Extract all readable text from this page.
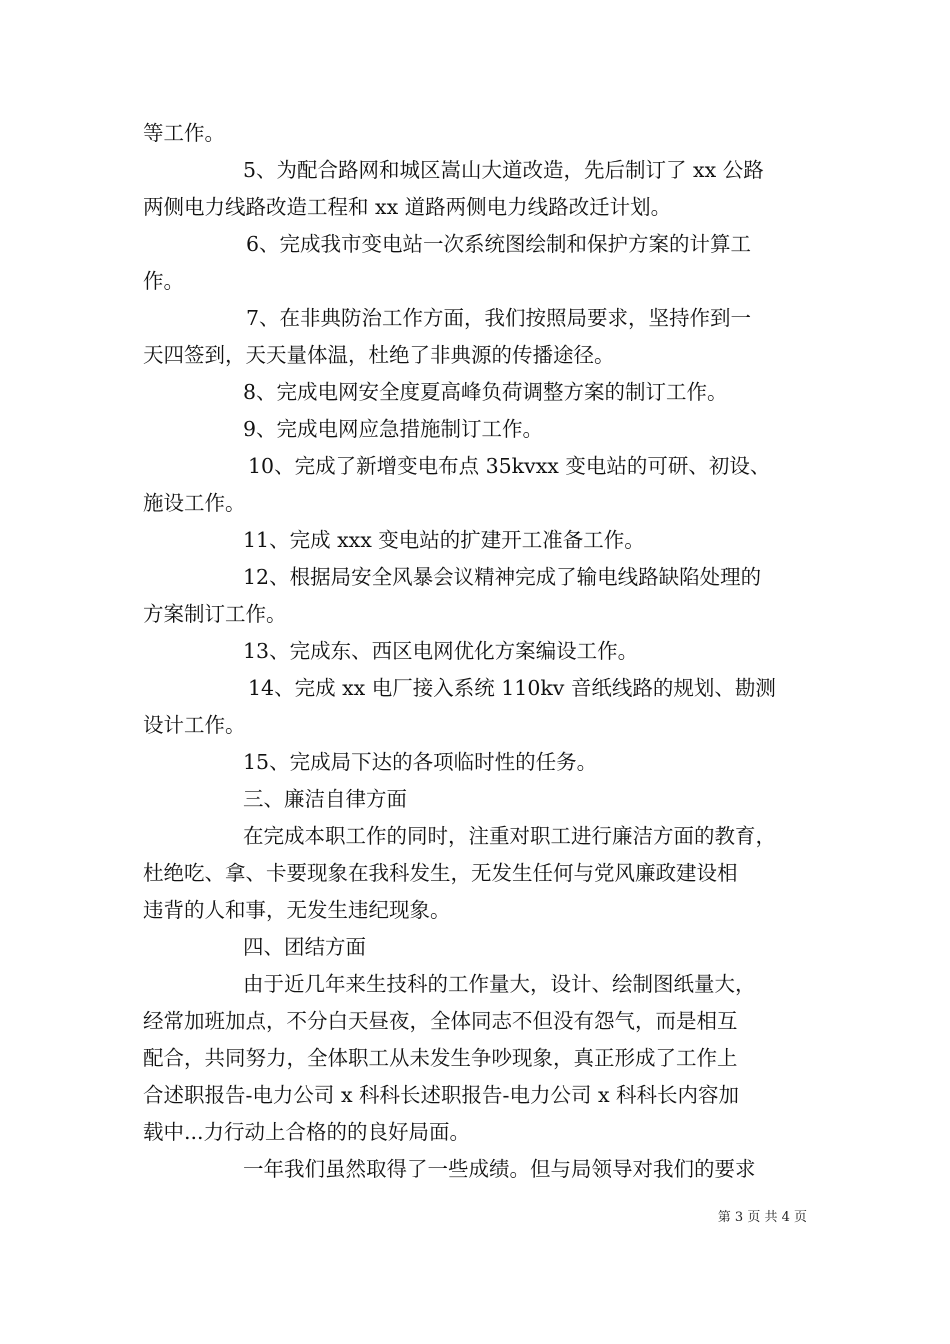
等工作。
5、为配合路网和城区嵩山大道改造，先后制订了 xx 公路
两侧电力线路改造工程和 xx 道路两侧电力线路改迁计划。
6、完成我市变电站一次系统图绘制和保护方案的计算工
作。
7、在非典防治工作方面，我们按照局要求，坚持作到一
天四签到，天天量体温，杜绝了非典源的传播途径。
8、完成电网安全度夏高峰负荷调整方案的制订工作。
9、完成电网应急措施制订工作。
10、完成了新增变电布点 35kvxx 变电站的可研、初设、
施设工作。
11、完成 xxx 变电站的扩建开工准备工作。
12、根据局安全风暴会议精神完成了输电线路缺陷处理的
方案制订工作。
13、完成东、西区电网优化方案编设工作。
14、完成 xx 电厂接入系统 110kv 音纸线路的规划、勘测
设计工作。
15、完成局下达的各项临时性的任务。
三、廉洁自律方面
在完成本职工作的同时，注重对职工进行廉洁方面的教育，
杜绝吃、拿、卡要现象在我科发生，无发生任何与党风廉政建设相
违背的人和事，无发生违纪现象。
四、团结方面
由于近几年来生技科的工作量大，设计、绘制图纸量大，
经常加班加点，不分白天昼夜，全体同志不但没有怨气，而是相互
配合，共同努力，全体职工从未发生争吵现象，真正形成了工作上
合述职报告-电力公司 x 科科长述职报告-电力公司 x 科科长内容加
载中...力行动上合格的的良好局面。
一年我们虽然取得了一些成绩。但与局领导对我们的要求
第 3 页 共 4 页
